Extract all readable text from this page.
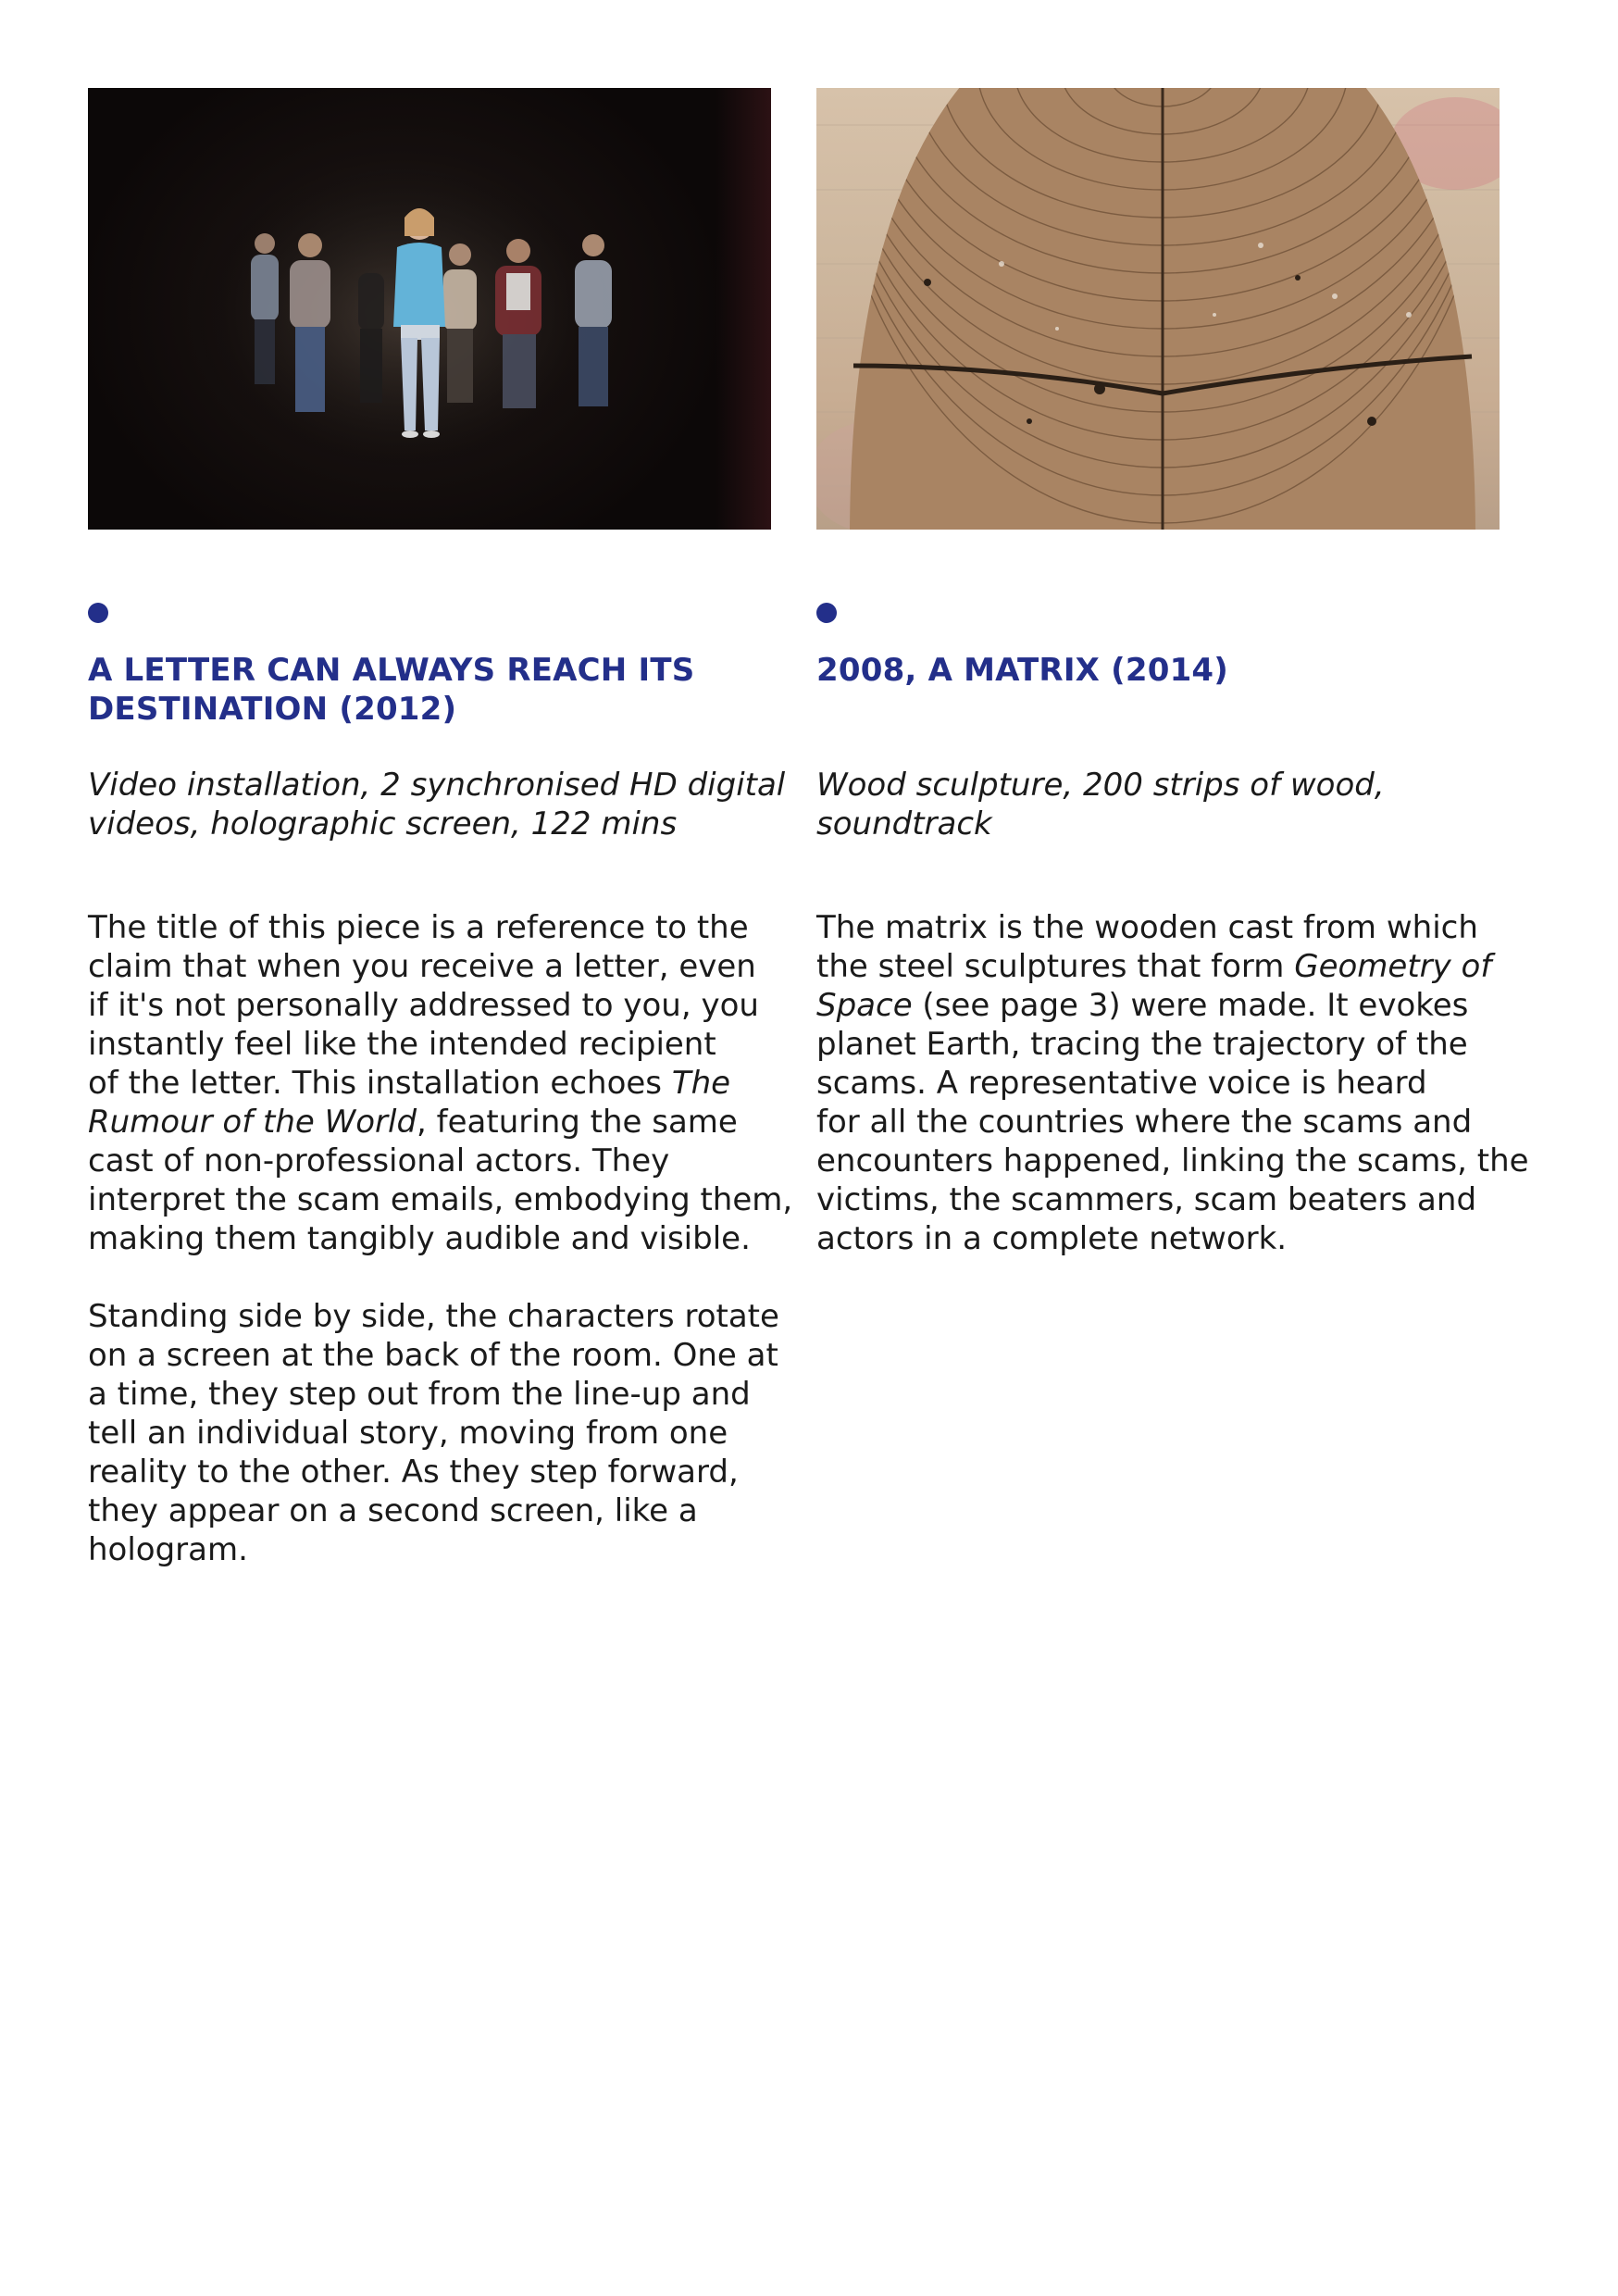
A LETTER CAN ALWAYS REACH ITS
DESTINATION (2012)
Video installation, 2 synchronised HD digital
videos, holographic screen, 122 mins
The title of this piece is a reference to the
claim that when you receive a letter, even
if it's not personally addressed to you, you
instantly feel like the intended recipient
of the letter. This installation echoes The
Rumour of the World, featuring the same
cast of non-professional actors. They
interpret the scam emails, embodying them,
making them tangibly audible and visible.
Standing side by side, the characters rotate
on a screen at the back of the room. One at
a time, they step out from the line-up and
tell an individual story, moving from one
reality to the other. As they step forward,
they appear on a second screen, like a
hologram.
2008, A MATRIX (2014)
Wood sculpture, 200 strips of wood,
soundtrack
The matrix is the wooden cast from which
the steel sculptures that form Geometry of
Space (see page 3) were made. It evokes
planet Earth, tracing the trajectory of the
scams. A representative voice is heard
for all the countries where the scams and
encounters happened, linking the scams, the
victims, the scammers, scam beaters and
actors in a complete network.
